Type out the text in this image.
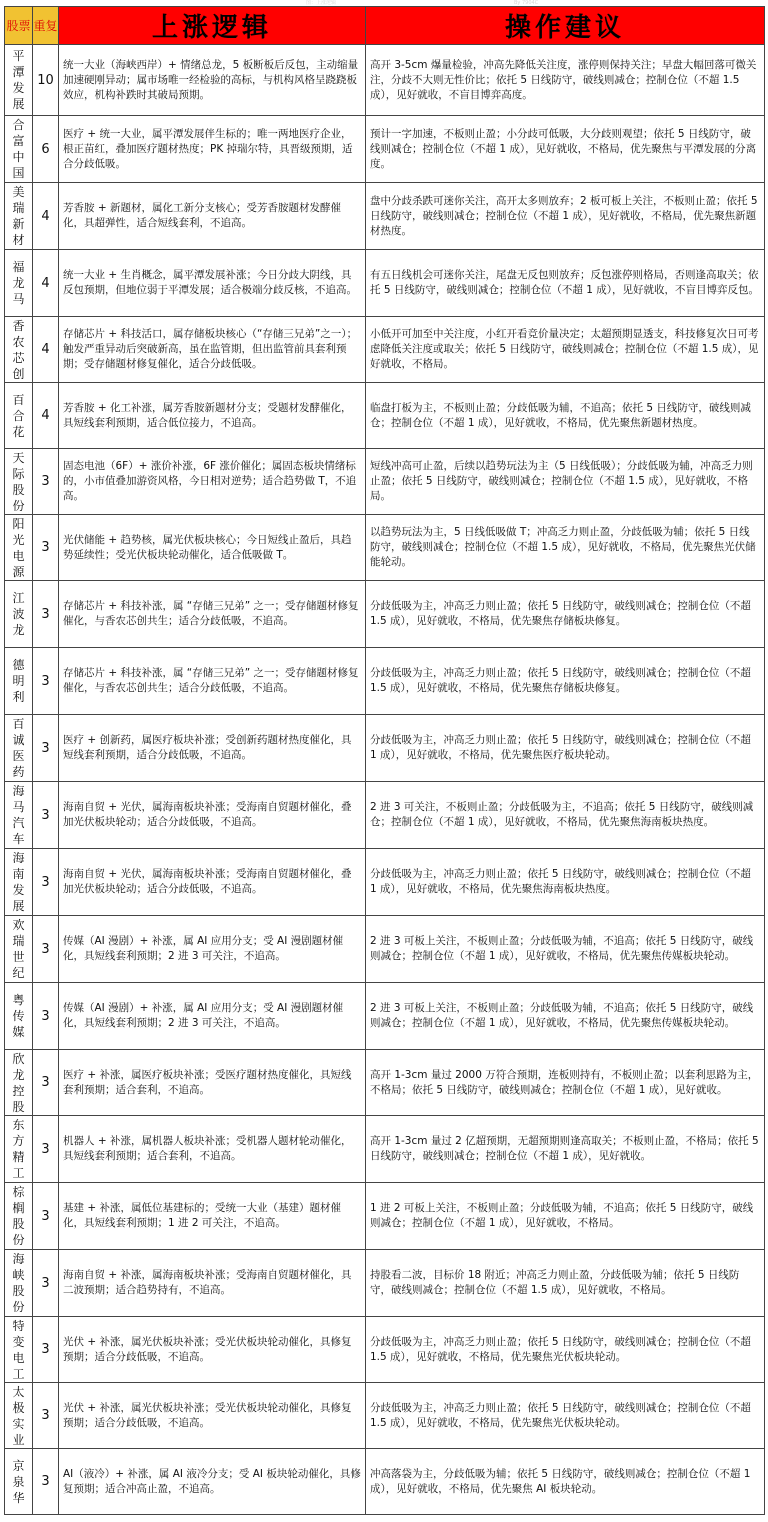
图：上涨逻辑	By 7904C
股票	重复	上涨逻辑	操作建议
平潭发展	10	统一大业（海峡西岸）+ 情绪总龙，5 板断板后反包，主动缩量加速硬刚异动；属市场唯一经检验的高标，与机构风格呈跷跷板效应，机构补跌时其破局预期。	高开 3-5cm 爆量检验，冲高先降低关注度，涨停则保持关注；早盘大幅回落可微关注，分歧不大则无性价比；依托 5 日线防守，破线则减仓；控制仓位（不超 1.5 成），见好就收，不盲目博弈高度。
合富中国	6	医疗 + 统一大业，属平潭发展伴生标的；唯一两地医疗企业，根正苗红，叠加医疗题材热度；PK 掉瑞尔特，具晋级预期，适合分歧低吸。	预计一字加速，不板则止盈；小分歧可低吸，大分歧则观望；依托 5 日线防守，破线则减仓；控制仓位（不超 1 成），见好就收，不格局，优先聚焦与平潭发展的分离度。
美瑞新材	4	芳香胺 + 新题材，属化工新分支核心；受芳香胺题材发酵催化，具超弹性，适合短线套利，不追高。	盘中分歧杀跌可迷你关注，高开太多则放弃；2 板可板上关注，不板则止盈；依托 5 日线防守，破线则减仓；控制仓位（不超 1 成），见好就收，不格局，优先聚焦新题材热度。
福龙马	4	统一大业 + 生肖概念，属平潭发展补涨；今日分歧大阴线，具反包预期，但地位弱于平潭发展；适合极端分歧反核，不追高。	有五日线机会可迷你关注，尾盘无反包则放弃；反包涨停则格局，否则逢高取关；依托 5 日线防守，破线则减仓；控制仓位（不超 1 成），见好就收，不盲目博弈反包。
香农芯创	4	存储芯片 + 科技活口，属存储板块核心（“存储三兄弟”之一）；触发严重异动后突破新高，虽在监管期，但出监管前具套利预期；受存储题材修复催化，适合分歧低吸。	小低开可加至中关注度，小红开看竞价量决定；太超预期显透支，科技修复次日可考虑降低关注度或取关；依托 5 日线防守，破线则减仓；控制仓位（不超 1.5 成），见好就收，不格局。
百合花	4	芳香胺 + 化工补涨，属芳香胺新题材分支；受题材发酵催化，具短线套利预期，适合低位接力，不追高。	临盘打板为主，不板则止盈；分歧低吸为辅，不追高；依托 5 日线防守，破线则减仓；控制仓位（不超 1 成），见好就收，不格局，优先聚焦新题材热度。
天际股份	3	固态电池（6F）+ 涨价补涨，6F 涨价催化；属固态板块情绪标的，小市值叠加游资风格，今日相对逆势；适合趋势做 T，不追高。	短线冲高可止盈，后续以趋势玩法为主（5 日线低吸）；分歧低吸为辅，冲高乏力则止盈；依托 5 日线防守，破线则减仓；控制仓位（不超 1.5 成），见好就收，不格局。
阳光电源	3	光伏储能 + 趋势核，属光伏板块核心；今日短线止盈后，具趋势延续性；受光伏板块轮动催化，适合低吸做 T。	以趋势玩法为主，5 日线低吸做 T；冲高乏力则止盈，分歧低吸为辅；依托 5 日线防守，破线则减仓；控制仓位（不超 1.5 成），见好就收，不格局，优先聚焦光伏储能轮动。
江波龙	3	存储芯片 + 科技补涨，属 “存储三兄弟” 之一；受存储题材修复催化，与香农芯创共生；适合分歧低吸，不追高。	分歧低吸为主，冲高乏力则止盈；依托 5 日线防守，破线则减仓；控制仓位（不超 1.5 成），见好就收，不格局，优先聚焦存储板块修复。
德明利	3	存储芯片 + 科技补涨，属 “存储三兄弟” 之一；受存储题材修复催化，与香农芯创共生；适合分歧低吸，不追高。	分歧低吸为主，冲高乏力则止盈；依托 5 日线防守，破线则减仓；控制仓位（不超 1.5 成），见好就收，不格局，优先聚焦存储板块修复。
百诚医药	3	医疗 + 创新药，属医疗板块补涨；受创新药题材热度催化，具短线套利预期，适合分歧低吸，不追高。	分歧低吸为主，冲高乏力则止盈；依托 5 日线防守，破线则减仓；控制仓位（不超 1 成），见好就收，不格局，优先聚焦医疗板块轮动。
海马汽车	3	海南自贸 + 光伏，属海南板块补涨；受海南自贸题材催化，叠加光伏板块轮动；适合分歧低吸，不追高。	2 进 3 可关注，不板则止盈；分歧低吸为主，不追高；依托 5 日线防守，破线则减仓；控制仓位（不超 1 成），见好就收，不格局，优先聚焦海南板块热度。
海南发展	3	海南自贸 + 光伏，属海南板块补涨；受海南自贸题材催化，叠加光伏板块轮动；适合分歧低吸，不追高。	分歧低吸为主，冲高乏力则止盈；依托 5 日线防守，破线则减仓；控制仓位（不超 1 成），见好就收，不格局，优先聚焦海南板块热度。
欢瑞世纪	3	传媒（AI 漫剧）+ 补涨，属 AI 应用分支；受 AI 漫剧题材催化，具短线套利预期；2 进 3 可关注，不追高。	2 进 3 可板上关注，不板则止盈；分歧低吸为辅，不追高；依托 5 日线防守，破线则减仓；控制仓位（不超 1 成），见好就收，不格局，优先聚焦传媒板块轮动。
粤传媒	3	传媒（AI 漫剧）+ 补涨，属 AI 应用分支；受 AI 漫剧题材催化，具短线套利预期；2 进 3 可关注，不追高。	2 进 3 可板上关注，不板则止盈；分歧低吸为辅，不追高；依托 5 日线防守，破线则减仓；控制仓位（不超 1 成），见好就收，不格局，优先聚焦传媒板块轮动。
欣龙控股	3	医疗 + 补涨，属医疗板块补涨；受医疗题材热度催化，具短线套利预期；适合套利，不追高。	高开 1-3cm 量过 2000 万符合预期，连板则持有，不板则止盈；以套利思路为主，不格局；依托 5 日线防守，破线则减仓；控制仓位（不超 1 成），见好就收。
东方精工	3	机器人 + 补涨，属机器人板块补涨；受机器人题材轮动催化，具短线套利预期；适合套利，不追高。	高开 1-3cm 量过 2 亿超预期，无超预期则逢高取关；不板则止盈，不格局；依托 5 日线防守，破线则减仓；控制仓位（不超 1 成），见好就收。
棕榈股份	3	基建 + 补涨，属低位基建标的；受统一大业（基建）题材催化，具短线套利预期；1 进 2 可关注，不追高。	1 进 2 可板上关注，不板则止盈；分歧低吸为辅，不追高；依托 5 日线防守，破线则减仓；控制仓位（不超 1 成），见好就收，不格局。
海峡股份	3	海南自贸 + 补涨，属海南板块补涨；受海南自贸题材催化，具二波预期；适合趋势持有，不追高。	持股看二波，目标价 18 附近；冲高乏力则止盈，分歧低吸为辅；依托 5 日线防守，破线则减仓；控制仓位（不超 1.5 成），见好就收，不格局。
特变电工	3	光伏 + 补涨，属光伏板块补涨；受光伏板块轮动催化，具修复预期；适合分歧低吸，不追高。	分歧低吸为主，冲高乏力则止盈；依托 5 日线防守，破线则减仓；控制仓位（不超 1.5 成），见好就收，不格局，优先聚焦光伏板块轮动。
太极实业	3	光伏 + 补涨，属光伏板块补涨；受光伏板块轮动催化，具修复预期；适合分歧低吸，不追高。	分歧低吸为主，冲高乏力则止盈；依托 5 日线防守，破线则减仓；控制仓位（不超 1.5 成），见好就收，不格局，优先聚焦光伏板块轮动。
京泉华	3	AI（液冷）+ 补涨，属 AI 液冷分支；受 AI 板块轮动催化，具修复预期；适合冲高止盈，不追高。	冲高落袋为主，分歧低吸为辅；依托 5 日线防守，破线则减仓；控制仓位（不超 1 成），见好就收，不格局，优先聚焦 AI 板块轮动。
